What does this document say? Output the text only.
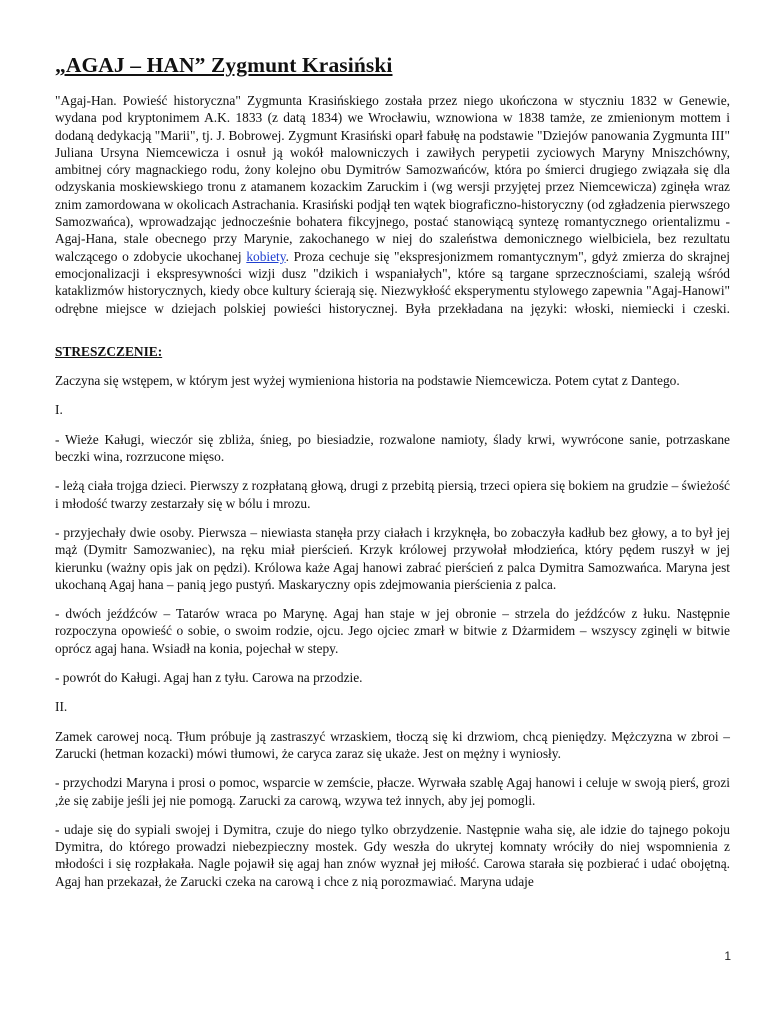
„AGAJ – HAN” Zygmunt Krasiński

"Agaj-Han. Powieść historyczna" Zygmunta Krasińskiego została przez niego ukończona w styczniu 1832 w Genewie, wydana pod kryptonimem A.K. 1833 (z datą 1834) we Wrocławiu, wznowiona w 1838 tamże, ze zmienionym mottem i dodaną dedykacją "Marii", tj. J. Bobrowej. Zygmunt Krasiński oparł fabułę na podstawie "Dziejów panowania Zygmunta III" Juliana Ursyna Niemcewicza i osnuł ją wokół malowniczych i zawiłych perypetii zyciowych Maryny Mniszchówny, ambitnej córy magnackiego rodu, żony kolejno obu Dymitrów Samozwańców, która po śmierci drugiego związała się dla odzyskania moskiewskiego tronu z atamanem kozackim Zaruckim i (wg wersji przyjętej przez Niemcewicza) zginęła wraz znim zamordowana w okolicach Astrachania. Krasiński podjął ten wątek biograficzno-historyczny (od zgładzenia pierwszego Samozwańca), wprowadzając jednocześnie bohatera fikcyjnego, postać stanowiącą syntezę romantycznego orientalizmu - Agaj-Hana, stale obecnego przy Marynie, zakochanego w niej do szaleństwa demonicznego wielbiciela, bez rezultatu walczącego o zdobycie ukochanej kobiety. Proza cechuje się "ekspresjonizmem romantycznym", gdyż zmierza do skrajnej emocjonalizacji i ekspresywności wizji dusz "dzikich i wspaniałych", które są targane sprzecznościami, szaleją wśród kataklizmów historycznych, kiedy obce kultury ścierają się. Niezwykłość eksperymentu stylowego zapewnia "Agaj-Hanowi" odrębne miejsce w dziejach polskiej powieści historycznej. Była przekładana na języki: włoski, niemiecki i czeski.

STRESZCZENIE:

Zaczyna się wstępem, w którym jest wyżej wymieniona historia na podstawie Niemcewicza. Potem cytat z Dantego.

I.

- Wieże Kaługi, wieczór się zbliża, śnieg, po biesiadzie, rozwalone namioty, ślady krwi, wywrócone sanie, potrzaskane beczki wina, rozrzucone mięso.

- leżą ciała trojga dzieci. Pierwszy z rozpłataną głową, drugi z przebitą piersią, trzeci opiera się bokiem na grudzie – świeżość i młodość twarzy zestarzały się w bólu i mrozu.

- przyjechały dwie osoby. Pierwsza – niewiasta stanęła przy ciałach i krzyknęła, bo zobaczyła kadłub bez głowy, a to był jej mąż (Dymitr Samozwaniec), na ręku miał pierścień. Krzyk królowej przywołał młodzieńca, który pędem ruszył w jej kierunku (ważny opis jak on pędzi). Królowa każe Agaj hanowi zabrać pierścień z palca Dymitra Samozwańca. Maryna jest ukochaną Agaj hana – panią jego pustyń. Maskaryczny opis zdejmowania pierścienia z palca.

- dwóch jeźdźców – Tatarów wraca po Marynę. Agaj han staje w jej obronie – strzela do jeźdźców z łuku. Następnie rozpoczyna opowieść o sobie, o swoim rodzie, ojcu. Jego ojciec zmarł w bitwie z Dżarmidem – wszyscy zginęli w bitwie oprócz agaj hana. Wsiadł na konia, pojechał w stepy.

- powrót do Kaługi. Agaj han z tyłu. Carowa na przodzie.

II.

Zamek carowej nocą. Tłum próbuje ją zastraszyć wrzaskiem, tłoczą się ki drzwiom, chcą pieniędzy. Mężczyzna w zbroi – Zarucki (hetman kozacki) mówi tłumowi, że caryca zaraz się ukaże. Jest on mężny i wyniosły.

- przychodzi Maryna i prosi o pomoc, wsparcie w zemście, płacze. Wyrwała szablę Agaj hanowi i celuje w swoją pierś, grozi ,że się zabije jeśli jej nie pomogą. Zarucki za carową, wzywa też innych, aby jej pomogli.

- udaje się do sypiali swojej i Dymitra, czuje do niego tylko obrzydzenie. Następnie waha się, ale idzie do tajnego pokoju Dymitra, do którego prowadzi niebezpieczny mostek. Gdy weszła do ukrytej komnaty wróciły do niej wspomnienia z młodości i się rozpłakała. Nagle pojawił się agaj han znów wyznał jej miłość. Carowa starała się pozbierać i udać obojętną. Agaj han przekazał, że Zarucki czeka na carową i chce z nią porozmawiać. Maryna udaje

1
